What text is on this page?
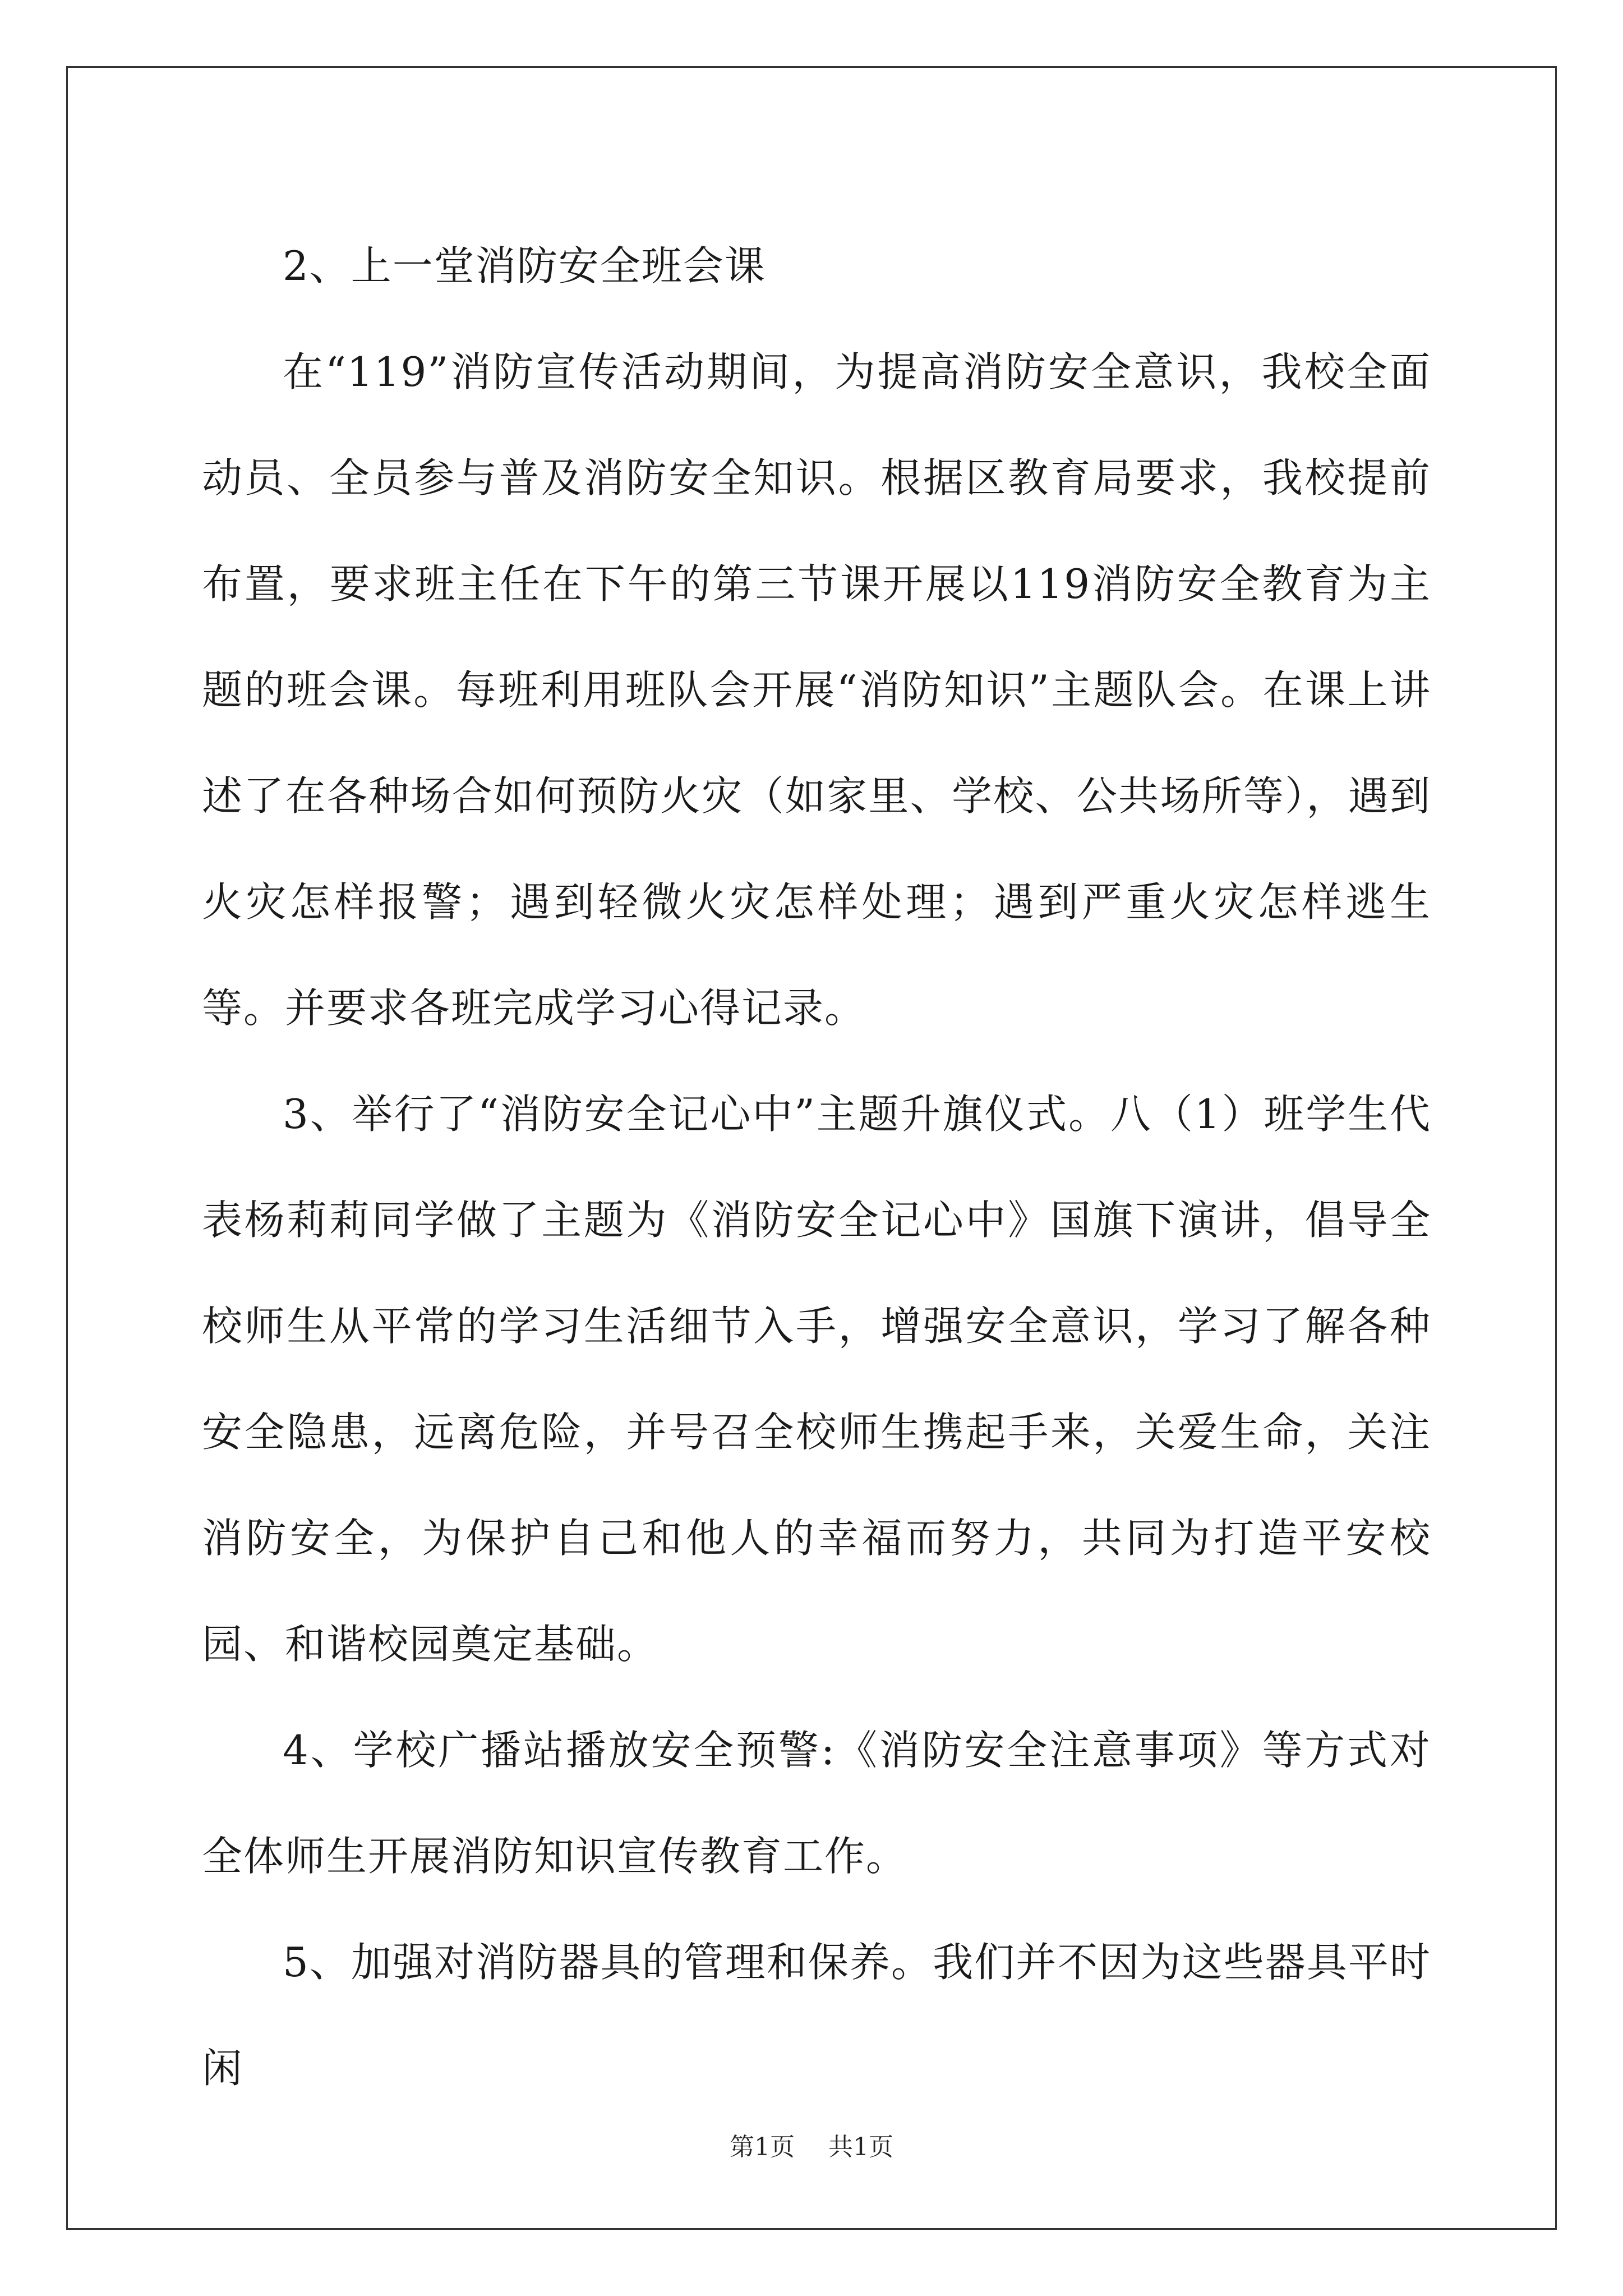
2、上一堂消防安全班会课

在“119”消防宣传活动期间，为提高消防安全意识，我校全面动员、全员参与普及消防安全知识。根据区教育局要求，我校提前布置，要求班主任在下午的第三节课开展以119消防安全教育为主题的班会课。每班利用班队会开展“消防知识”主题队会。在课上讲述了在各种场合如何预防火灾（如家里、学校、公共场所等），遇到火灾怎样报警；遇到轻微火灾怎样处理；遇到严重火灾怎样逃生等。并要求各班完成学习心得记录。

3、举行了“消防安全记心中”主题升旗仪式。八（1）班学生代表杨莉莉同学做了主题为《消防安全记心中》国旗下演讲，倡导全校师生从平常的学习生活细节入手，增强安全意识，学习了解各种安全隐患，远离危险，并号召全校师生携起手来，关爱生命，关注消防安全，为保护自己和他人的幸福而努力，共同为打造平安校园、和谐校园奠定基础。

4、学校广播站播放安全预警:《消防安全注意事项》等方式对全体师生开展消防知识宣传教育工作。

5、加强对消防器具的管理和保养。我们并不因为这些器具平时闲

第1页 共1页
